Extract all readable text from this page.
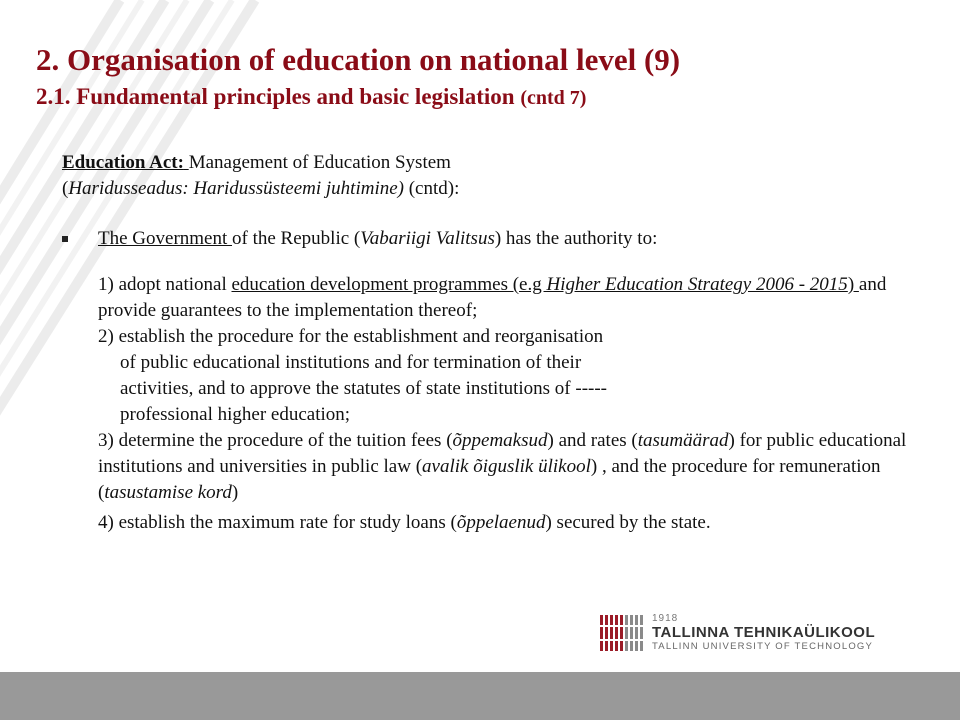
2. Organisation of education on national level (9)
2.1. Fundamental principles and basic legislation (cntd 7)

Education Act: Management of Education System
(Haridusseadus: Haridussüsteemi juhtimine) (cntd):

The Government of the Republic (Vabariigi Valitsus) has the authority to:

1) adopt national education development programmes (e.g Higher Education Strategy 2006 - 2015) and provide guarantees to the implementation thereof;

2) establish the procedure for the establishment and reorganisation
of public educational institutions and for termination of their
activities, and to approve the statutes of state institutions of -----
professional higher education;

3) determine the procedure of the tuition fees (õppemaksud) and rates (tasumäärad) for public educational institutions and universities in public law (avalik õiguslik ülikool) , and the procedure for remuneration (tasustamise kord)

4) establish the maximum rate for study loans (õppelaenud) secured by the state.

1918
TALLINNA TEHNIKAÜLIKOOL
TALLINN UNIVERSITY OF TECHNOLOGY
